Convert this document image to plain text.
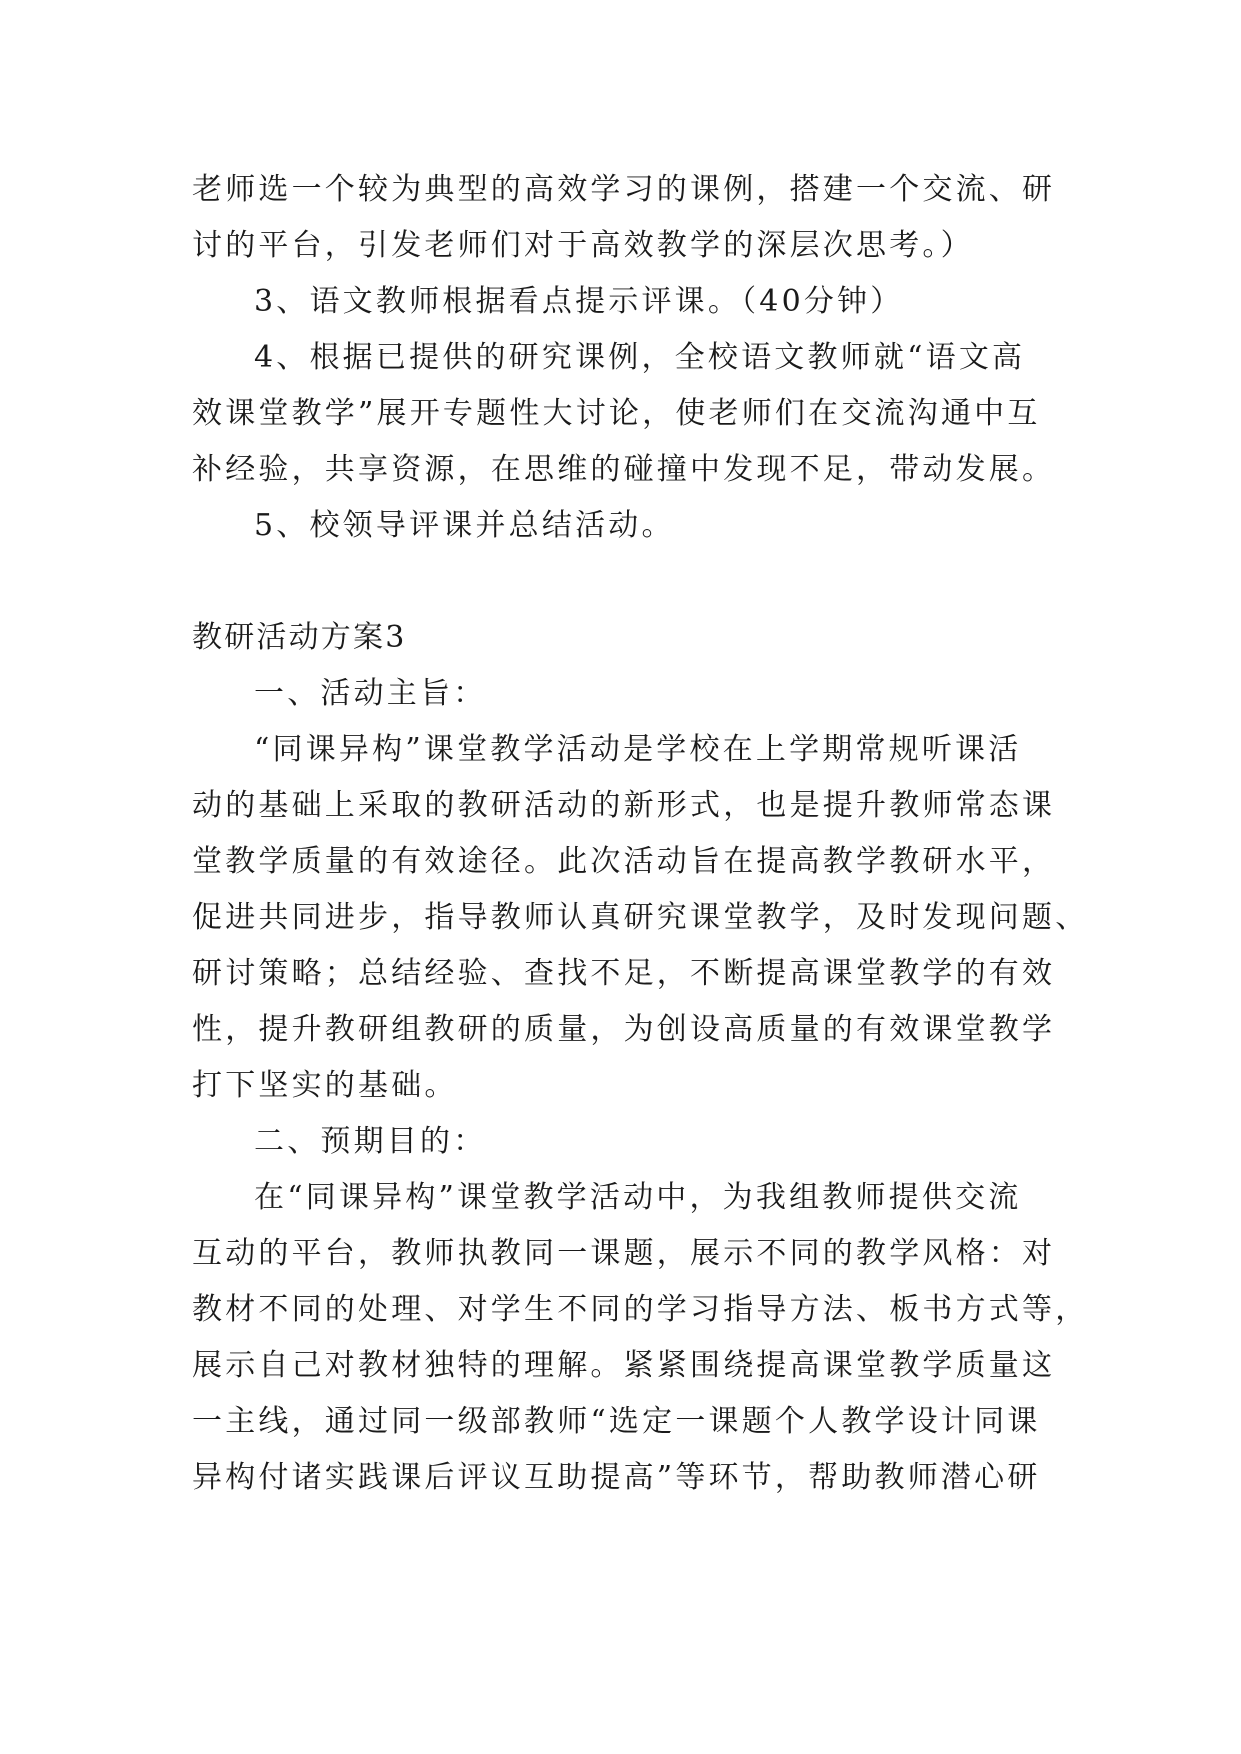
老师选一个较为典型的高效学习的课例，搭建一个交流、研
讨的平台，引发老师们对于高效教学的深层次思考。）
3、语文教师根据看点提示评课。（40分钟）
4、根据已提供的研究课例，全校语文教师就“语文高
效课堂教学”展开专题性大讨论，使老师们在交流沟通中互
补经验，共享资源，在思维的碰撞中发现不足，带动发展。
5、校领导评课并总结活动。
教研活动方案3
一、活动主旨：
“同课异构”课堂教学活动是学校在上学期常规听课活
动的基础上采取的教研活动的新形式，也是提升教师常态课
堂教学质量的有效途径。此次活动旨在提高教学教研水平，
促进共同进步，指导教师认真研究课堂教学，及时发现问题、
研讨策略；总结经验、查找不足，不断提高课堂教学的有效
性，提升教研组教研的质量，为创设高质量的有效课堂教学
打下坚实的基础。
二、预期目的：
在“同课异构”课堂教学活动中，为我组教师提供交流
互动的平台，教师执教同一课题，展示不同的教学风格：对
教材不同的处理、对学生不同的学习指导方法、板书方式等，
展示自己对教材独特的理解。紧紧围绕提高课堂教学质量这
一主线，通过同一级部教师“选定一课题个人教学设计同课
异构付诸实践课后评议互助提高”等环节，帮助教师潜心研
